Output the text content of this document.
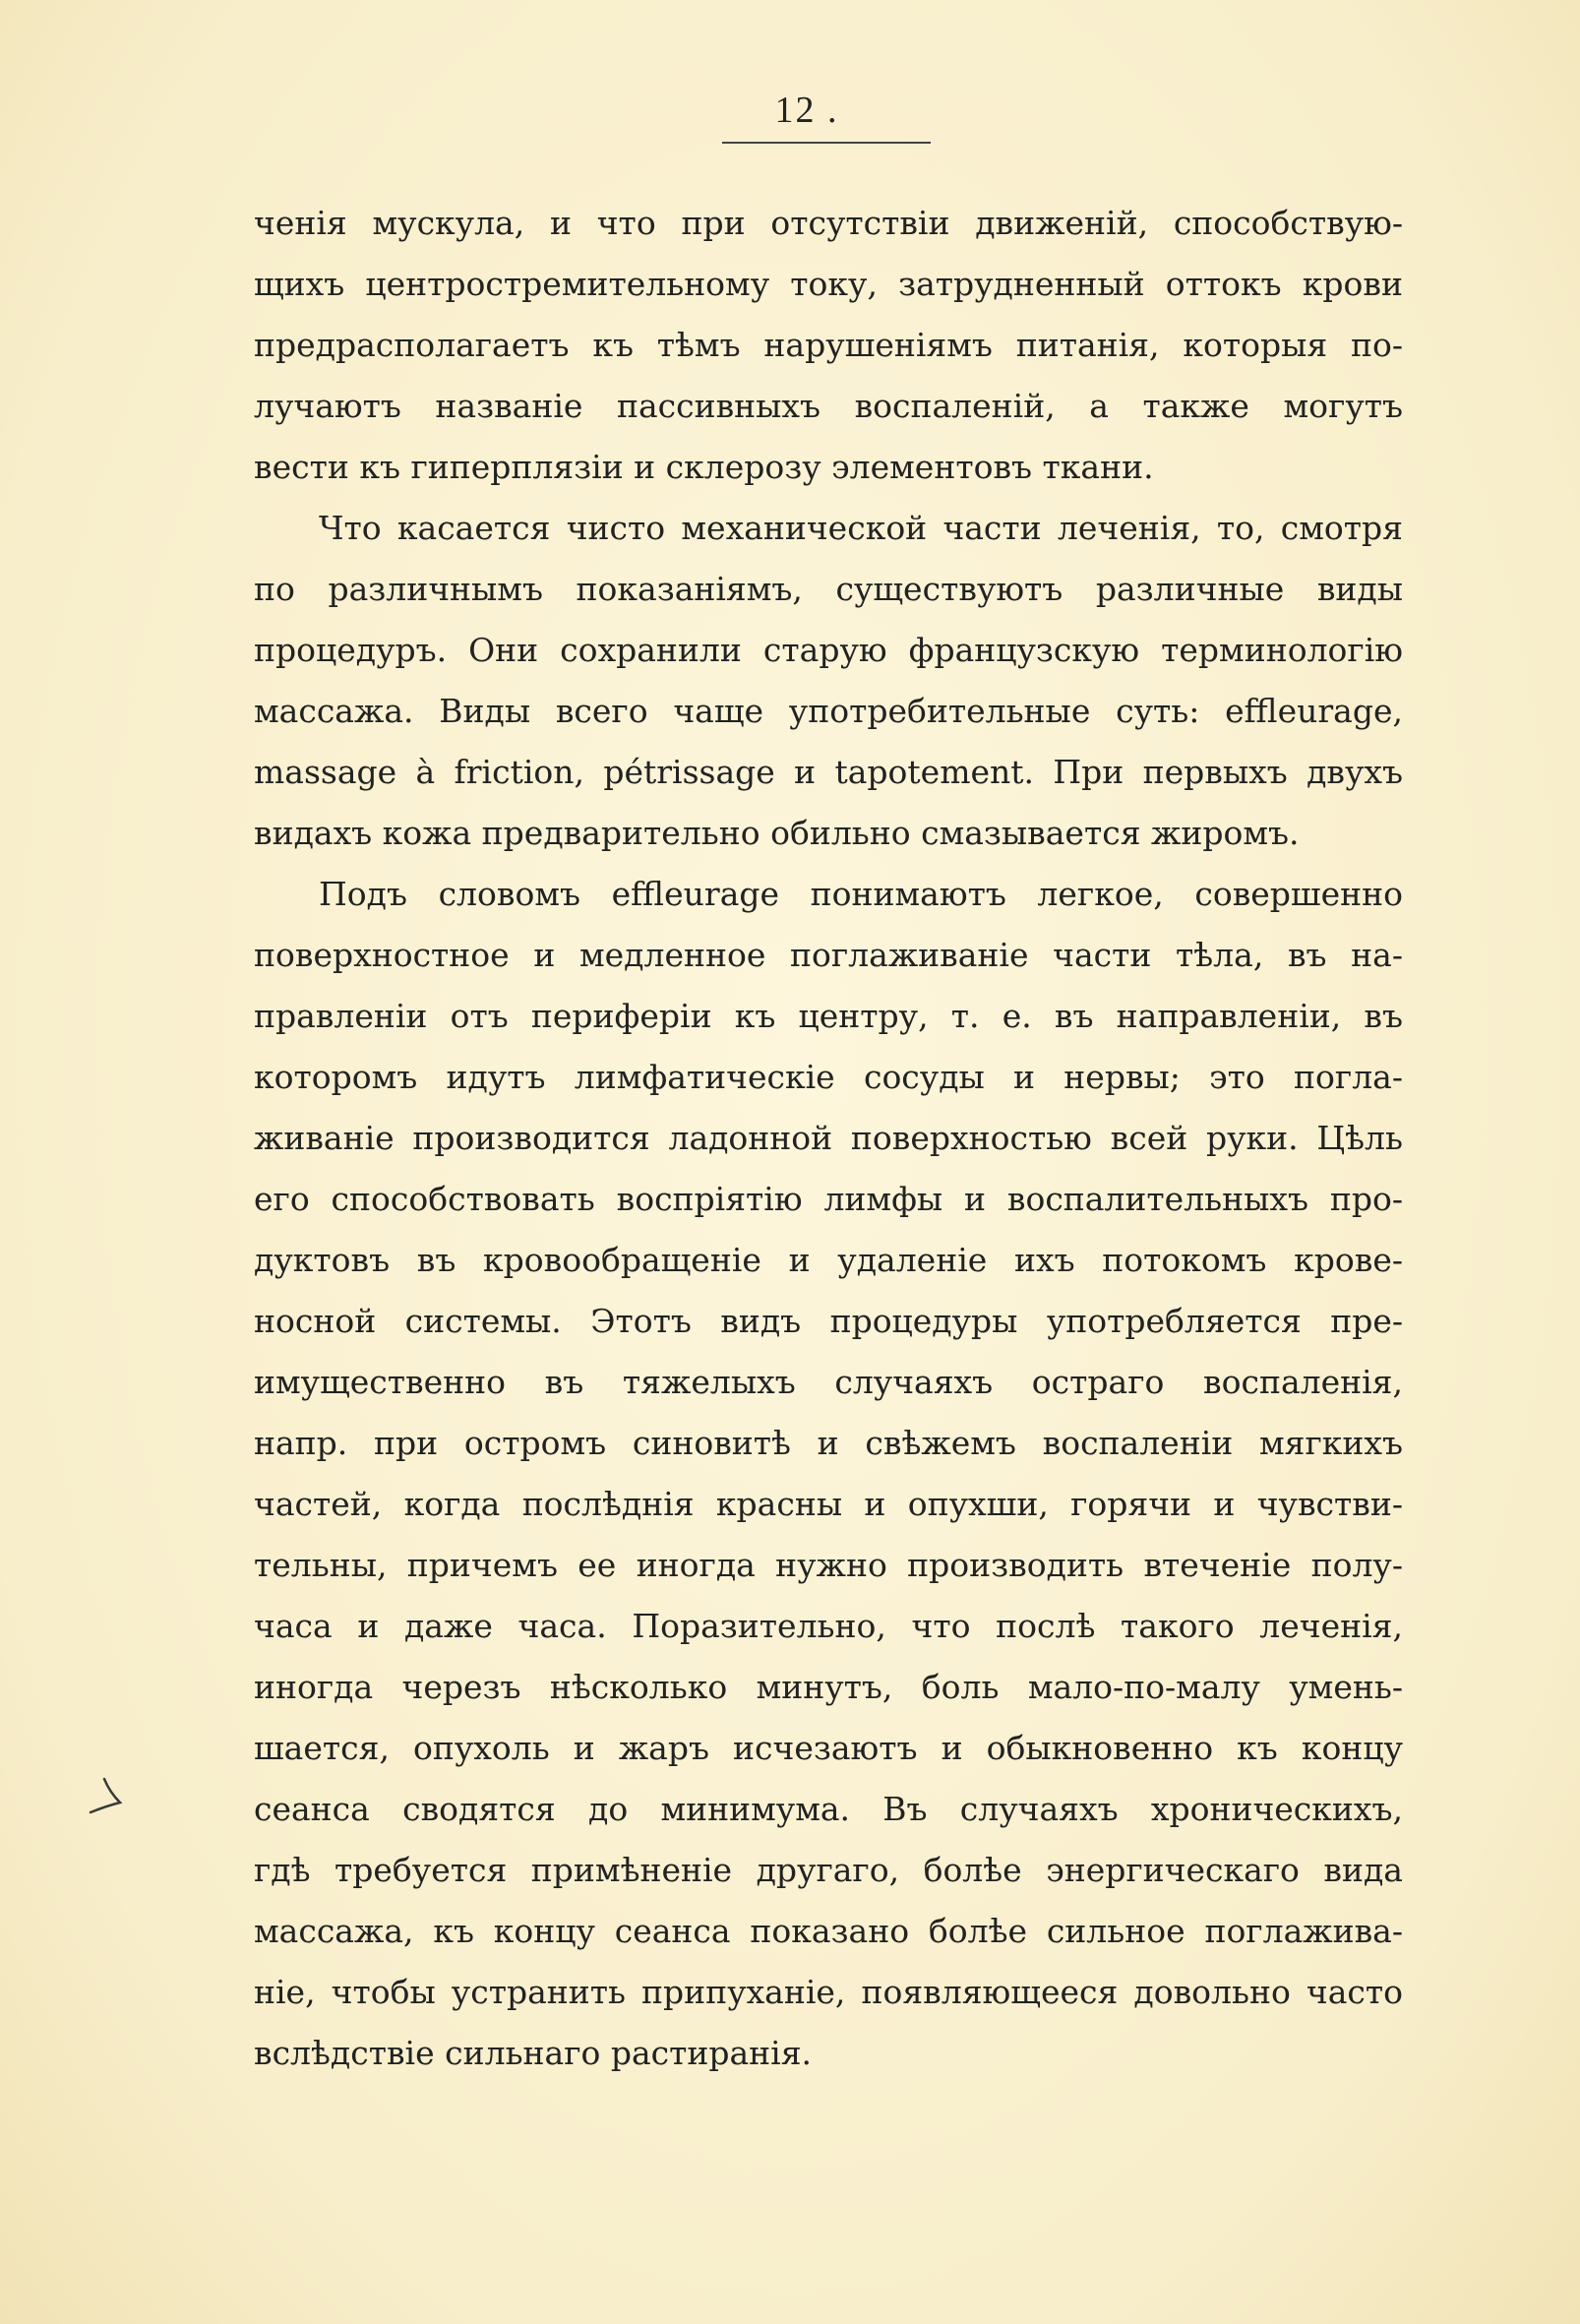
12 .
ченія мускула, и что при отсутствіи движеній, способствую-
щихъ центростремительному току, затрудненный оттокъ крови
предрасполагаетъ къ тѣмъ нарушеніямъ питанія, которыя по-
лучаютъ названіе пассивныхъ воспаленій, а также могутъ
вести къ гиперплязіи и склерозу элементовъ ткани.
Что касается чисто механической части леченія, то, смотря
по различнымъ показаніямъ, существуютъ различные виды
процедуръ. Они сохранили старую французскую терминологію
массажа. Виды всего чаще употребительные суть: effleurage,
massage à friction, pétrissage и tapotement. При первыхъ двухъ
видахъ кожа предварительно обильно смазывается жиромъ.
Подъ словомъ effleurage понимаютъ легкое, совершенно
поверхностное и медленное поглаживаніе части тѣла, въ на-
правленіи отъ периферіи къ центру, т. е. въ направленіи, въ
которомъ идутъ лимфатическіе сосуды и нервы; это погла-
живаніе производится ладонной поверхностью всей руки. Цѣль
его способствовать воспріятію лимфы и воспалительныхъ про-
дуктовъ въ кровообращеніе и удаленіе ихъ потокомъ крове-
носной системы. Этотъ видъ процедуры употребляется пре-
имущественно въ тяжелыхъ случаяхъ остраго воспаленія,
напр. при остромъ синовитѣ и свѣжемъ воспаленіи мягкихъ
частей, когда послѣднія красны и опухши, горячи и чувстви-
тельны, причемъ ее иногда нужно производить втеченіе полу-
часа и даже часа. Поразительно, что послѣ такого леченія,
иногда черезъ нѣсколько минутъ, боль мало-по-малу умень-
шается, опухоль и жаръ исчезаютъ и обыкновенно къ концу
сеанса сводятся до минимума. Въ случаяхъ хроническихъ,
гдѣ требуется примѣненіе другаго, болѣе энергическаго вида
массажа, къ концу сеанса показано болѣе сильное поглажива-
ніе, чтобы устранить припуханіе, появляющееся довольно часто
вслѣдствіе сильнаго растиранія.
